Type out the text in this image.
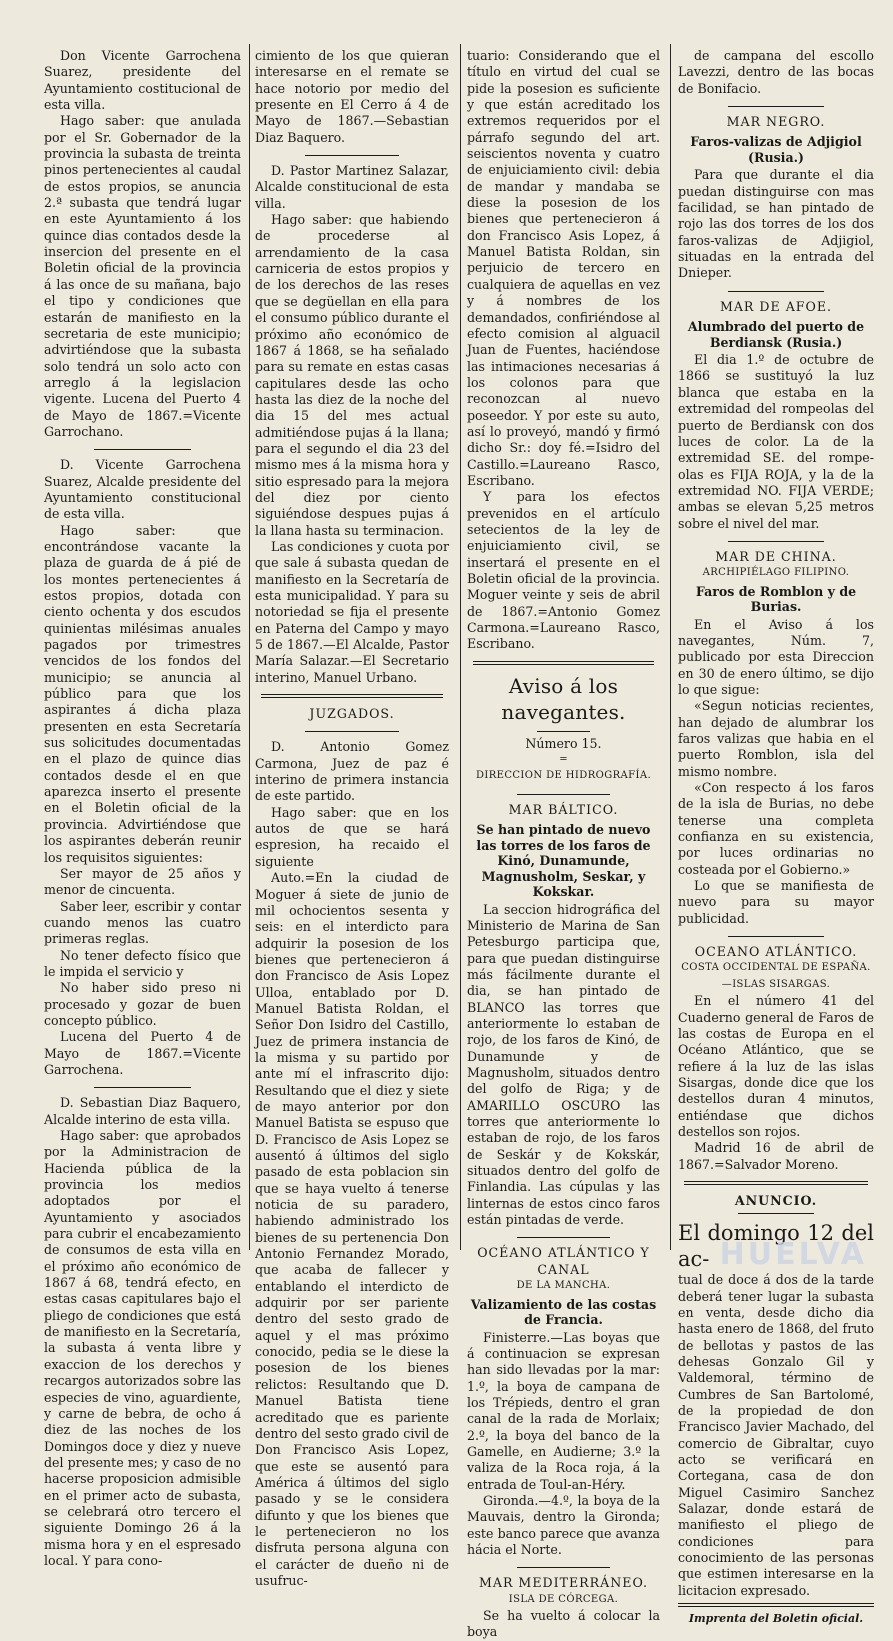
Don Vicente Garrochena Suarez, presidente del Ayuntamiento costitucional de esta villa.

Hago saber: que anulada por el Sr. Gobernador de la provincia la subasta de treinta pinos pertenecientes al caudal de estos propios, se anuncia 2.ª subasta que tendrá lugar en este Ayuntamiento á los quince dias contados desde la insercion del presente en el Boletin oficial de la provincia á las once de su mañana, bajo el tipo y condiciones que estarán de manifiesto en la secretaria de este municipio; advirtiéndose que la subasta solo tendrá un solo acto con arreglo á la legislacion vigente. Lucena del Puerto 4 de Mayo de 1867.=Vicente Garrochano.

D. Vicente Garrochena Suarez, Alcalde presidente del Ayuntamiento constitucional de esta villa.

Hago saber: que encontrándose vacante la plaza de guarda de á pié de los montes pertenecientes á estos propios, dotada con ciento ochenta y dos escudos quinientas milésimas anuales pagados por trimestres vencidos de los fondos del municipio; se anuncia al público para que los aspirantes á dicha plaza presenten en esta Secretaría sus solicitudes documentadas en el plazo de quince dias contados desde el en que aparezca inserto el presente en el Boletin oficial de la provincia. Advirtiéndose que los aspirantes deberán reunir los requisitos siguientes:

Ser mayor de 25 años y menor de cincuenta.

Saber leer, escribir y contar cuando menos las cuatro primeras reglas.

No tener defecto físico que le impida el servicio y

No haber sido preso ni procesado y gozar de buen concepto público.

Lucena del Puerto 4 de Mayo de 1867.=Vicente Garrochena.

D. Sebastian Diaz Baquero, Alcalde interino de esta villa.

Hago saber: que aprobados por la Administracion de Hacienda pública de la provincia los medios adoptados por el Ayuntamiento y asociados para cubrir el encabezamiento de consumos de esta villa en el próximo año económico de 1867 á 68, tendrá efecto, en estas casas capitulares bajo el pliego de condiciones que está de manifiesto en la Secretaría, la subasta á venta libre y exaccion de los derechos y recargos autorizados sobre las especies de vino, aguardiente, y carne de bebra, de ocho á diez de las noches de los Domingos doce y diez y nueve del presente mes; y caso de no hacerse proposicion admisible en el primer acto de subasta, se celebrará otro tercero el siguiente Domingo 26 á la misma hora y en el espresado local. Y para cono-

cimiento de los que quieran interesarse en el remate se hace notorio por medio del presente en El Cerro á 4 de Mayo de 1867.—Sebastian Diaz Baquero.

D. Pastor Martinez Salazar, Alcalde constitucional de esta villa.

Hago saber: que habiendo de procederse al arrendamiento de la casa carniceria de estos propios y de los derechos de las reses que se degüellan en ella para el consumo público durante el próximo año económico de 1867 á 1868, se ha señalado para su remate en estas casas capitulares desde las ocho hasta las diez de la noche del dia 15 del mes actual admitiéndose pujas á la llana; para el segundo el dia 23 del mismo mes á la misma hora y sitio espresado para la mejora del diez por ciento siguiéndose despues pujas á la llana hasta su terminacion.

Las condiciones y cuota por que sale á subasta quedan de manifiesto en la Secretaría de esta municipalidad. Y para su notoriedad se fija el presente en Paterna del Campo y mayo 5 de 1867.—El Alcalde, Pastor María Salazar.—El Secretario interino, Manuel Urbano.

JUZGADOS.

D. Antonio Gomez Carmona, Juez de paz é interino de primera instancia de este partido.

Hago saber: que en los autos de que se hará espresion, ha recaido el siguiente

Auto.=En la ciudad de Moguer á siete de junio de mil ochocientos sesenta y seis: en el interdicto para adquirir la posesion de los bienes que pertenecieron á don Francisco de Asis Lopez Ulloa, entablado por D. Manuel Batista Roldan, el Señor Don Isidro del Castillo, Juez de primera instancia de la misma y su partido por ante mí el infrascrito dijo: Resultando que el diez y siete de mayo anterior por don Manuel Batista se espuso que D. Francisco de Asis Lopez se ausentó á últimos del siglo pasado de esta poblacion sin que se haya vuelto á tenerse noticia de su paradero, habiendo administrado los bienes de su pertenencia Don Antonio Fernandez Morado, que acaba de fallecer y entablando el interdicto de adquirir por ser pariente dentro del sesto grado de aquel y el mas próximo conocido, pedia se le diese la posesion de los bienes relictos: Resultando que D. Manuel Batista tiene acreditado que es pariente dentro del sesto grado civil de Don Francisco Asis Lopez, que este se ausentó para América á últimos del siglo pasado y se le considera difunto y que los bienes que le pertenecieron no los disfruta persona alguna con el carácter de dueño ni de usufruc-

tuario: Considerando que el título en virtud del cual se pide la posesion es suficiente y que están acreditado los extremos requeridos por el párrafo segundo del art. seiscientos noventa y cuatro de enjuiciamiento civil: debia de mandar y mandaba se diese la posesion de los bienes que pertenecieron á don Francisco Asis Lopez, á Manuel Batista Roldan, sin perjuicio de tercero en cualquiera de aquellas en vez y á nombres de los demandados, confiriéndose al efecto comision al alguacil Juan de Fuentes, haciéndose las intimaciones necesarias á los colonos para que reconozcan al nuevo poseedor. Y por este su auto, así lo proveyó, mandó y firmó dicho Sr.: doy fé.=Isidro del Castillo.=Laureano Rasco, Escribano.

Y para los efectos prevenidos en el artículo setecientos de la ley de enjuiciamiento civil, se insertará el presente en el Boletin oficial de la provincia. Moguer veinte y seis de abril de 1867.=Antonio Gomez Carmona.=Laureano Rasco, Escribano.

Aviso á los navegantes.

Número 15.

=

DIRECCION DE HIDROGRAFÍA.

MAR BÁLTICO.

Se han pintado de nuevo las torres de los faros de Kinó, Dunamunde, Magnusholm, Seskar, y Kokskar.

La seccion hidrográfica del Ministerio de Marina de San Petesburgo participa que, para que puedan distinguirse más fácilmente durante el dia, se han pintado de BLANCO las torres que anteriormente lo estaban de rojo, de los faros de Kinó, de Dunamunde y de Magnusholm, situados dentro del golfo de Riga; y de AMARILLO OSCURO las torres que anteriormente lo estaban de rojo, de los faros de Seskár y de Kokskár, situados dentro del golfo de Finlandia. Las cúpulas y las linternas de estos cinco faros están pintadas de verde.

OCÉANO ATLÁNTICO Y CANAL

DE LA MANCHA.

Valizamiento de las costas de Francia.

Finisterre.—Las boyas que á continuacion se expresan han sido llevadas por la mar: 1.º, la boya de campana de los Trépieds, dentro el gran canal de la rada de Morlaix; 2.º, la boya del banco de la Gamelle, en Audierne; 3.º la valiza de la Roca roja, á la entrada de Toul-an-Héry.

Gironda.—4.º, la boya de la Mauvais, dentro la Gironda; este banco parece que avanza hácia el Norte.

MAR MEDITERRÁNEO.

ISLA DE CÓRCEGA.

Se ha vuelto á colocar la boya

de campana del escollo Lavezzi, dentro de las bocas de Bonifacio.

MAR NEGRO.

Faros-valizas de Adjigiol (Rusia.)

Para que durante el dia puedan distinguirse con mas facilidad, se han pintado de rojo las dos torres de los dos faros-valizas de Adjigiol, situadas en la entrada del Dnieper.

MAR DE AFOE.

Alumbrado del puerto de Berdiansk (Rusia.)

El dia 1.º de octubre de 1866 se sustituyó la luz blanca que estaba en la extremidad del rompeolas del puerto de Berdiansk con dos luces de color. La de la extremidad SE. del rompe-olas es FIJA ROJA, y la de la extremidad NO. FIJA VERDE; ambas se elevan 5,25 metros sobre el nivel del mar.

MAR DE CHINA.

ARCHIPIÉLAGO FILIPINO.

Faros de Romblon y de Burias.

En el Aviso á los navegantes, Núm. 7, publicado por esta Direccion en 30 de enero último, se dijo lo que sigue:

«Segun noticias recientes, han dejado de alumbrar los faros valizas que habia en el puerto Romblon, isla del mismo nombre.

«Con respecto á los faros de la isla de Burias, no debe tenerse una completa confianza en su existencia, por luces ordinarias no costeada por el Gobierno.»

Lo que se manifiesta de nuevo para su mayor publicidad.

OCEANO ATLÁNTICO.

COSTA OCCIDENTAL DE ESPAÑA.—ISLAS SISARGAS.

En el número 41 del Cuaderno general de Faros de las costas de Europa en el Océano Atlántico, que se refiere á la luz de las islas Sisargas, donde dice que los destellos duran 4 minutos, entiéndase que dichos destellos son rojos.

Madrid 16 de abril de 1867.=Salvador Moreno.

ANUNCIO.

El domingo 12 del ac-

tual de doce á dos de la tarde deberá tener lugar la subasta en venta, desde dicho dia hasta enero de 1868, del fruto de bellotas y pastos de las dehesas Gonzalo Gil y Valdemoral, término de Cumbres de San Bartolomé, de la propiedad de don Francisco Javier Machado, del comercio de Gibraltar, cuyo acto se verificará en Corteganа, casa de don Miguel Casimiro Sanchez Salazar, donde estará de manifiesto el pliego de condiciones para conocimiento de las personas que estimen interesarse en la licitacion expresado.

Imprenta del Boletin oficial.

HUELVA
